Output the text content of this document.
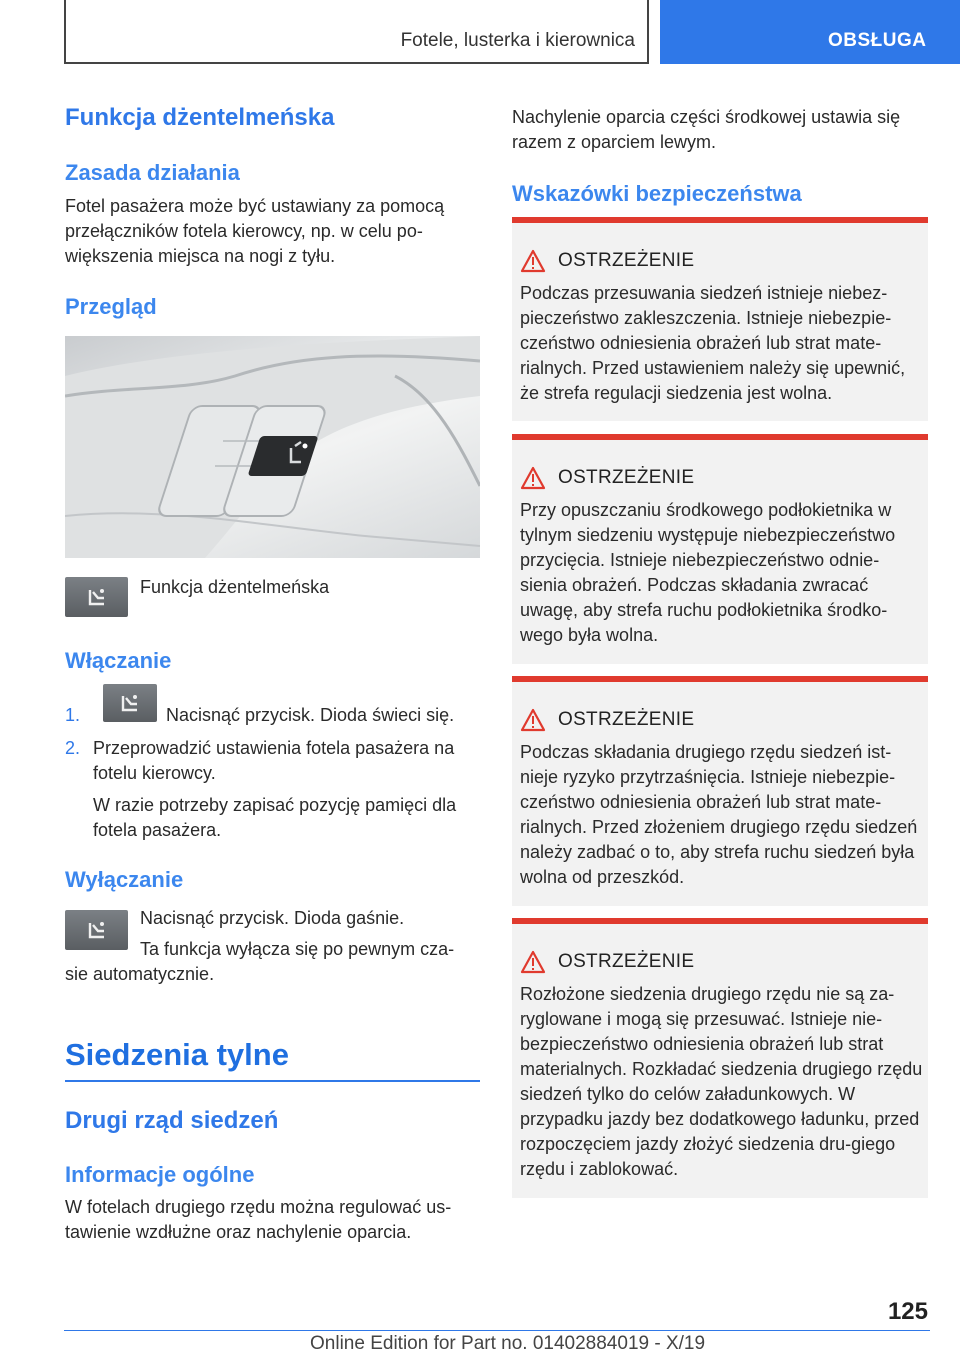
Fotele, lusterka i kierownica	OBSŁUGA
Funkcja dżentelmeńska
Zasada działania

Fotel pasażera może być ustawiany za pomocą przełączników fotela kierowcy, np. w celu po-większenia miejsca na nogi z tyłu.

Przegląd

Funkcja dżentelmeńska

Włączanie

1.	Nacisnąć przycisk. Dioda świeci się.

2. Przeprowadzić ustawienia fotela pasażera na fotelu kierowcy.

W razie potrzeby zapisać pozycję pamięci dla fotela pasażera.

Wyłączanie

Nacisnąć przycisk. Dioda gaśnie.

Ta funkcja wyłącza się po pewnym cza-

sie automatycznie.

Siedzenia tylne
Drugi rząd siedzeń
Informacje ogólne

W fotelach drugiego rzędu można regulować us-tawienie wzdłużne oraz nachylenie oparcia.

Nachylenie oparcia części środkowej ustawia się razem z oparciem lewym.

Wskazówki bezpieczeństwa
OSTRZEŻENIE
Podczas przesuwania siedzeń istnieje niebez-pieczeństwo zakleszczenia. Istnieje niebezpie-czeństwo odniesienia obrażeń lub strat mate-rialnych. Przed ustawieniem należy się upewnić, że strefa regulacji siedzenia jest wolna.
OSTRZEŻENIE
Przy opuszczaniu środkowego podłokietnika w tylnym siedzeniu występuje niebezpieczeństwo przycięcia. Istnieje niebezpieczeństwo odnie-sienia obrażeń. Podczas składania zwracać uwagę, aby strefa ruchu podłokietnika środko-wego była wolna.
OSTRZEŻENIE
Podczas składania drugiego rzędu siedzeń ist-nieje ryzyko przytrzaśnięcia. Istnieje niebezpie-czeństwo odniesienia obrażeń lub strat mate-rialnych. Przed złożeniem drugiego rzędu siedzeń należy zadbać o to, aby strefa ruchu siedzeń była wolna od przeszkód.
OSTRZEŻENIE
Rozłożone siedzenia drugiego rzędu nie są za-ryglowane i mogą się przesuwać. Istnieje nie-bezpieczeństwo odniesienia obrażeń lub strat materialnych. Rozkładać siedzenia drugiego rzędu siedzeń tylko do celów załadunkowych. W przypadku jazdy bez dodatkowego ładunku, przed rozpoczęciem jazdy złożyć siedzenia dru-giego rzędu i zablokować.
125
Online Edition for Part no. 01402884019 - X/19
